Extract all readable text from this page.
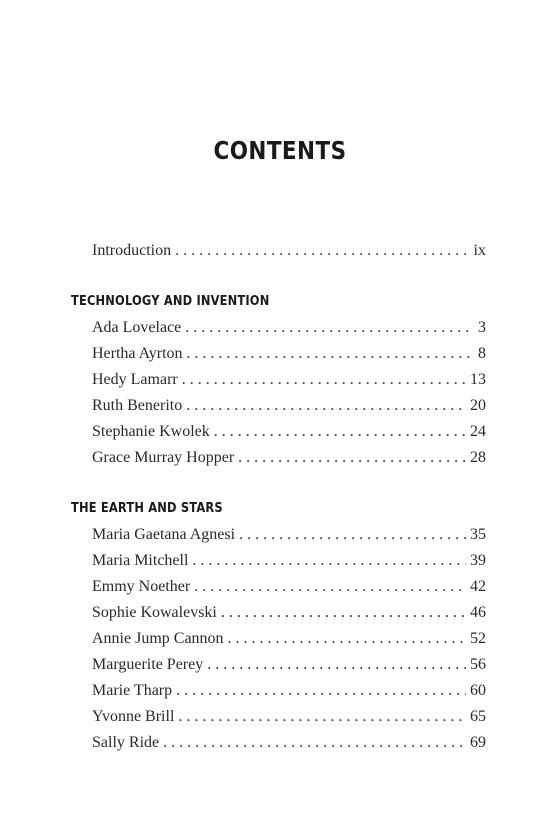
CONTENTS
Introduction . . .	ix
TECHNOLOGY AND INVENTION
Ada Lovelace . . .	3
Hertha Ayrton . . .	8
Hedy Lamarr . . .	13
Ruth Benerito . . .	20
Stephanie Kwolek . . .	24
Grace Murray Hopper . . .	28
THE EARTH AND STARS
Maria Gaetana Agnesi . . .	35
Maria Mitchell . . .	39
Emmy Noether . . .	42
Sophie Kowalevski . . .	46
Annie Jump Cannon . . .	52
Marguerite Perey . . .	56
Marie Tharp . . .	60
Yvonne Brill . . .	65
Sally Ride . . .	69
